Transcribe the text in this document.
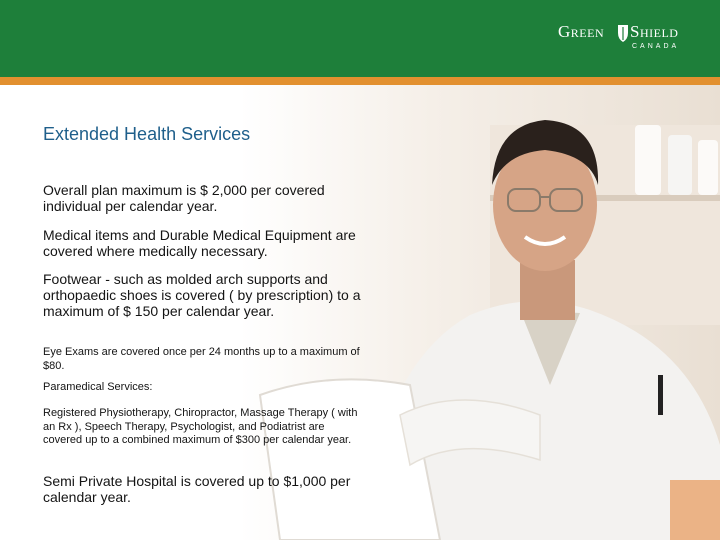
Green Shield
CANADA
Extended Health Services
Overall plan maximum is $ 2,000 per covered individual per calendar year.
Medical items and Durable Medical Equipment are covered where medically necessary.
Footwear - such as molded arch supports and orthopaedic shoes is covered ( by prescription) to a maximum of $ 150 per calendar year.
Eye Exams are covered once per 24 months up to a maximum of $80.
Paramedical Services:
Registered Physiotherapy, Chiropractor, Massage Therapy ( with an Rx ), Speech Therapy, Psychologist, and Podiatrist are covered up to a combined maximum of $300 per calendar year.
Semi Private Hospital is covered up to $1,000 per calendar year.
